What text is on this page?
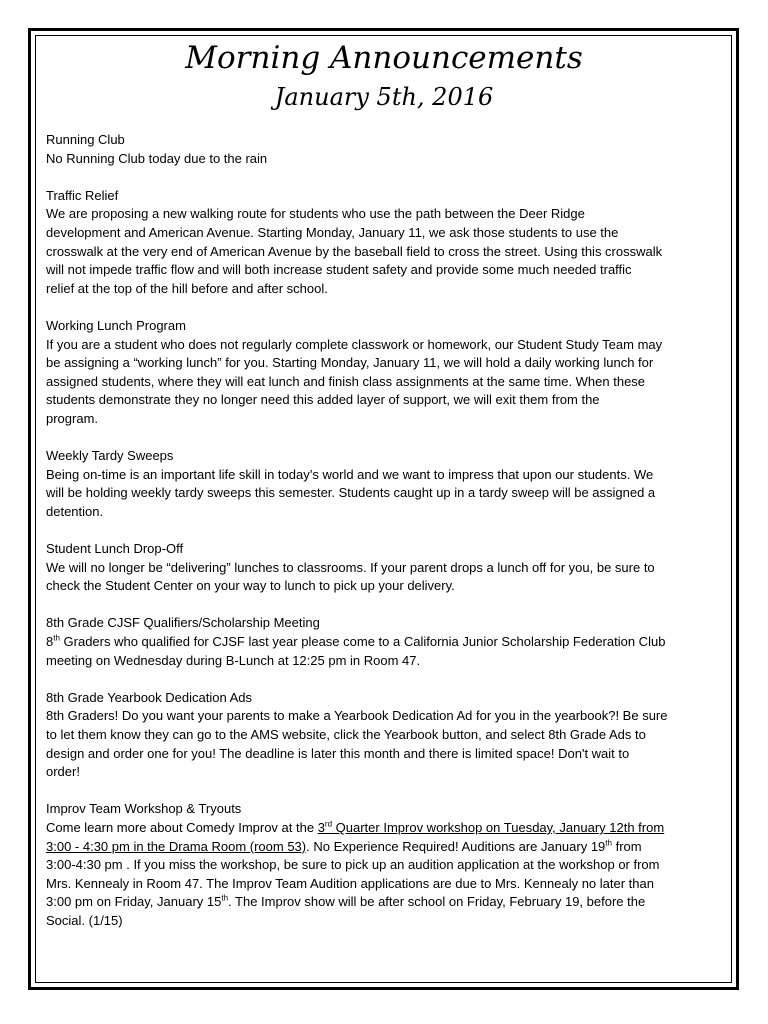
Morning Announcements
January 5th, 2016
Running Club
No Running Club today due to the rain
Traffic Relief
We are proposing a new walking route for students who use the path between the Deer Ridge
development and American Avenue. Starting Monday, January 11, we ask those students to use the
crosswalk at the very end of American Avenue by the baseball field to cross the street. Using this crosswalk
will not impede traffic flow and will both increase student safety and provide some much needed traffic
relief at the top of the hill before and after school.
Working Lunch Program
If you are a student who does not regularly complete classwork or homework, our Student Study Team may
be assigning a “working lunch” for you. Starting Monday, January 11, we will hold a daily working lunch for
assigned students, where they will eat lunch and finish class assignments at the same time. When these
students demonstrate they no longer need this added layer of support, we will exit them from the
program.
Weekly Tardy Sweeps
Being on-time is an important life skill in today’s world and we want to impress that upon our students. We
will be holding weekly tardy sweeps this semester. Students caught up in a tardy sweep will be assigned a
detention.
Student Lunch Drop-Off
We will no longer be “delivering” lunches to classrooms. If your parent drops a lunch off for you, be sure to
check the Student Center on your way to lunch to pick up your delivery.
8th Grade CJSF Qualifiers/Scholarship Meeting
8th Graders who qualified for CJSF last year please come to a California Junior Scholarship Federation Club
meeting on Wednesday during B-Lunch at 12:25 pm in Room 47.
8th Grade Yearbook Dedication Ads
8th Graders! Do you want your parents to make a Yearbook Dedication Ad for you in the yearbook?! Be sure
to let them know they can go to the AMS website, click the Yearbook button, and select 8th Grade Ads to
design and order one for you! The deadline is later this month and there is limited space! Don't wait to
order!
Improv Team Workshop & Tryouts
Come learn more about Comedy Improv at the 3rd Quarter Improv workshop on Tuesday, January 12th from
3:00 - 4:30 pm in the Drama Room (room 53). No Experience Required! Auditions are January 19th from
3:00-4:30 pm . If you miss the workshop, be sure to pick up an audition application at the workshop or from
Mrs. Kennealy in Room 47. The Improv Team Audition applications are due to Mrs. Kennealy no later than
3:00 pm on Friday, January 15th. The Improv show will be after school on Friday, February 19, before the
Social. (1/15)
